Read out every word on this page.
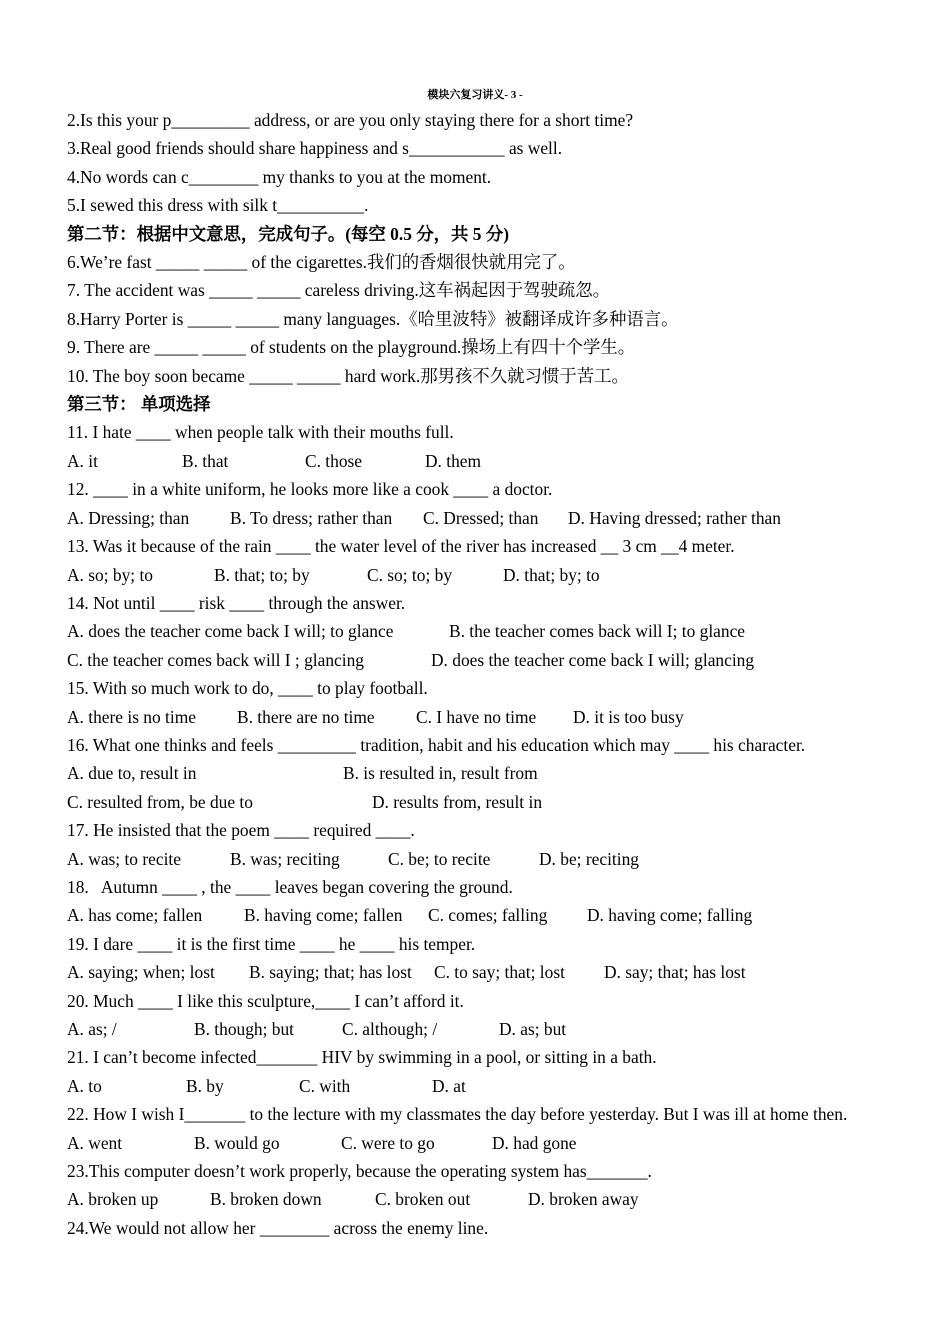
模块六复习讲义- 3 -
2.Is this your p_________ address, or are you only staying there for a short time?
3.Real good friends should share happiness and s___________ as well.
4.No words can c________ my thanks to you at the moment.
5.I sewed this dress with silk t__________.
第二节：根据中文意思，完成句子。(每空 0.5 分，共 5 分)
6.We’re fast _____ _____ of the cigarettes.我们的香烟很快就用完了。
7. The accident was _____ _____ careless driving.这车祸起因于驾驶疏忽。
8.Harry Porter is _____ _____ many languages.《哈里波特》被翻译成许多种语言。
9. There are _____ _____ of students on the playground.操场上有四十个学生。
10. The boy soon became _____ _____ hard work.那男孩不久就习惯于苦工。
第三节： 单项选择
11. I hate ____ when people talk with their mouths full.
A. it	B. that	C. those	D. them
12. ____ in a white uniform, he looks more like a cook ____ a doctor.
A. Dressing; than	B. To dress; rather than	C. Dressed; than	D. Having dressed; rather than
13. Was it because of the rain ____ the water level of the river has increased __ 3 cm __4 meter.
A. so; by; to	B. that; to; by	C. so; to; by	D. that; by; to
14. Not until ____ risk ____ through the answer.
A. does the teacher come back I will; to glance	B. the teacher comes back will I; to glance
C. the teacher comes back will I ; glancing	D. does the teacher come back I will; glancing
15. With so much work to do, ____ to play football.
A. there is no time	B. there are no time	C. I have no time	D. it is too busy
16. What one thinks and feels _________ tradition, habit and his education which may ____ his character.
A. due to, result in	B. is resulted in, result from
C. resulted from, be due to	D. results from, result in
17. He insisted that the poem ____ required ____.
A. was; to recite	B. was; reciting	C. be; to recite	D. be; reciting
18.   Autumn ____ , the ____ leaves began covering the ground.
A. has come; fallen	B. having come; fallen	C. comes; falling	D. having come; falling
19. I dare ____ it is the first time ____ he ____ his temper.
A. saying; when; lost	B. saying; that; has lost	C. to say; that; lost	D. say; that; has lost
20. Much ____ I like this sculpture,____ I can’t afford it.
A. as; /	B. though; but	C. although; /	D. as; but
21. I can’t become infected_______ HIV by swimming in a pool, or sitting in a bath.
A. to	B. by	C. with	D. at
22. How I wish I_______ to the lecture with my classmates the day before yesterday. But I was ill at home then.
A. went	B. would go	C. were to go	D. had gone
23.This computer doesn’t work properly, because the operating system has_______.
A. broken up	B. broken down	C. broken out	D. broken away
24.We would not allow her ________ across the enemy line.
